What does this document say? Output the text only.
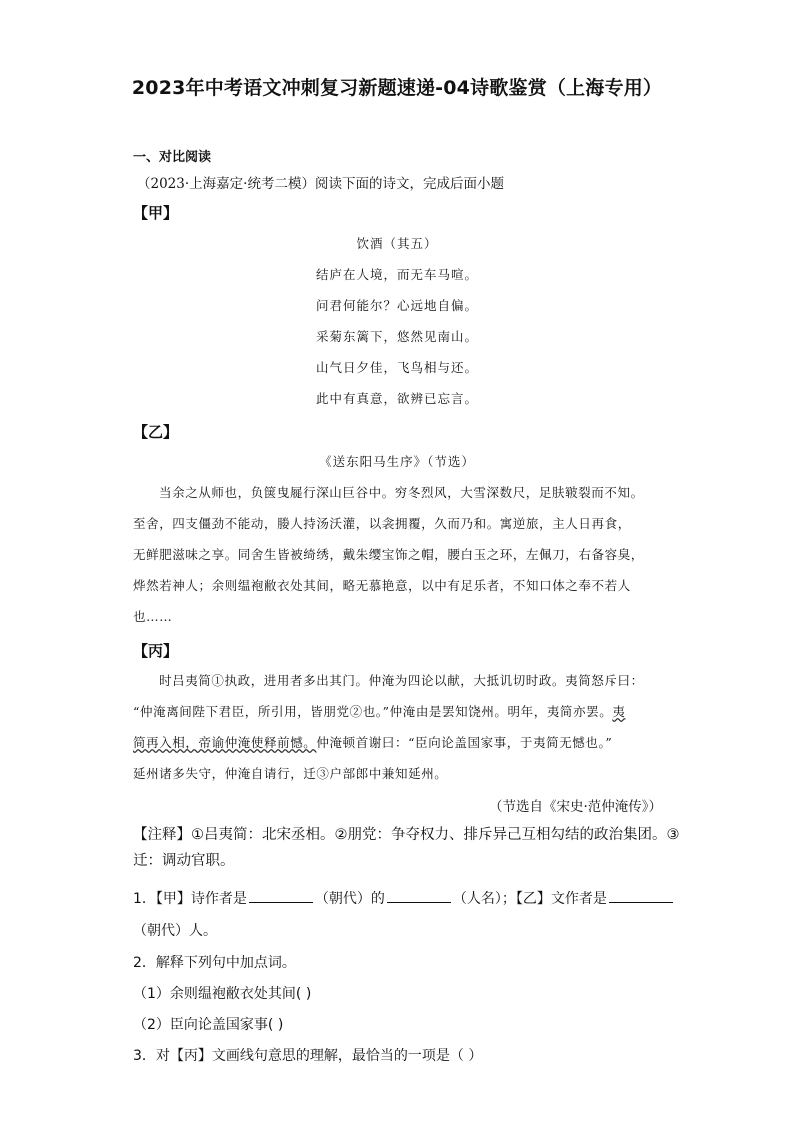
2023年中考语文冲刺复习新题速递-04诗歌鉴赏（上海专用）
一、对比阅读
（2023·上海嘉定·统考二模）阅读下面的诗文，完成后面小题
【甲】
饮酒（其五）
结庐在人境，而无车马喧。
问君何能尔？心远地自偏。
采菊东篱下，悠然见南山。
山气日夕佳，飞鸟相与还。
此中有真意，欲辨已忘言。
【乙】
《送东阳马生序》（节选）

当余之从师也，负箧曳屣行深山巨谷中。穷冬烈风，大雪深数尺，足肤皲裂而不知。

至舍，四支僵劲不能动，媵人持汤沃灌，以衾拥覆，久而乃和。寓逆旅，主人日再食，

无鲜肥滋味之享。同舍生皆被绮绣，戴朱缨宝饰之帽，腰白玉之环，左佩刀，右备容臭，

烨然若神人；余则缊袍敝衣处其间，略无慕艳意，以中有足乐者，不知口体之奉不若人

也……

【丙】

时吕夷简①执政，进用者多出其门。仲淹为四论以献，大抵讥切时政。夷简怒斥曰：

“仲淹离间陛下君臣，所引用，皆朋党②也。”仲淹由是罢知饶州。明年，夷简亦罢。夷

简再入相，帝谕仲淹使释前憾。仲淹顿首谢曰：“臣向论盖国家事，于夷简无憾也。”

延州诸多失守，仲淹自请行，迁③户部郎中兼知延州。

（节选自《宋史·范仲淹传》）

【注释】①吕夷简：北宋丞相。②朋党：争夺权力、排斥异己互相勾结的政治集团。③

迁：调动官职。

1．【甲】诗作者是	（朝代）的	（人名）；【乙】文作者是
（朝代）人。
2．解释下列句中加点词。
（1）余则缊袍敝衣处其间( )
（2）臣向论盖国家事( )
3．对【丙】文画线句意思的理解，最恰当的一项是（ ）
